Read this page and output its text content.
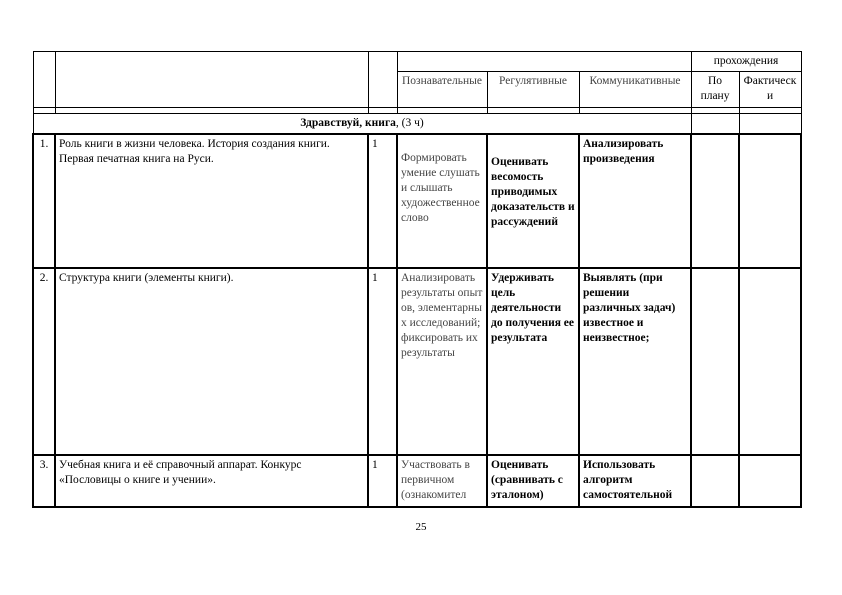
						прохождения	
			Познавательные	Регулятивные	Коммуникативные	По плану	Фактически

Здравствуй, книга, (3 ч)							
1.	Роль книги в жизни человека. История создания книги. Первая печатная книга на Руси.	1	Формировать умение слушать и слышать художественное слово	Оценивать весомость приводимых доказательств и рассуждений	Анализировать произведения		
2.	Структура книги (элементы книги).	1	Анализировать результаты опытов, элементарных исследований; фиксировать их результаты	Удерживать цель деятельности до получения ее результата	Выявлять (при решении различных задач) известное и неизвестное;		
3.	Учебная книга и её справочный аппарат. Конкурс «Пословицы о книге и учении».	1	Участвовать в первичном (ознакомител	Оценивать (сравнивать с эталоном)	Использовать алгоритм самостоятельной		
25
